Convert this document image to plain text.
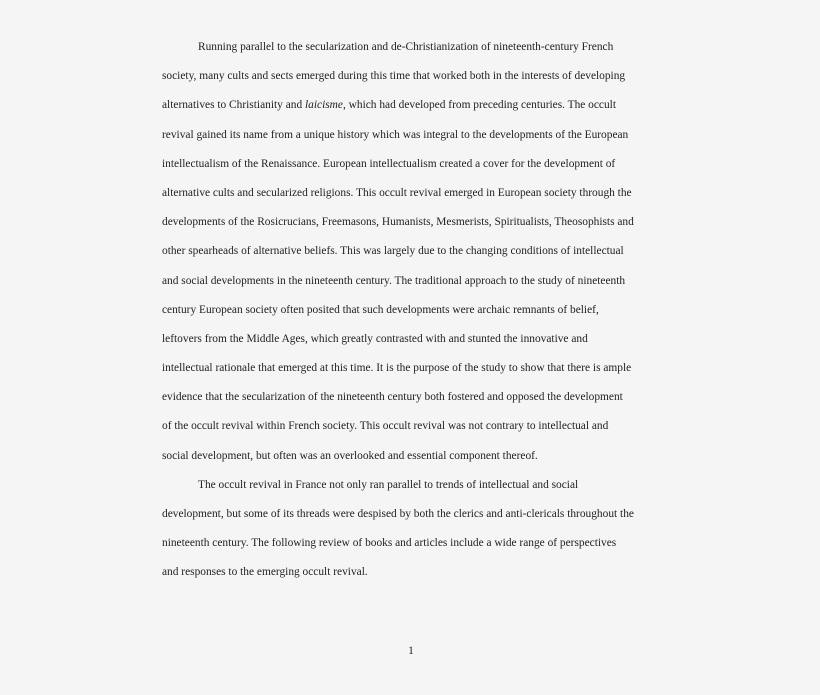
Running parallel to the secularization and de-Christianization of nineteenth-century French
society, many cults and sects emerged during this time that worked both in the interests of developing
alternatives to Christianity and laicisme, which had developed from preceding centuries. The occult
revival gained its name from a unique history which was integral to the developments of the European
intellectualism of the Renaissance. European intellectualism created a cover for the development of
alternative cults and secularized religions. This occult revival emerged in European society through the
developments of the Rosicrucians, Freemasons, Humanists, Mesmerists, Spiritualists, Theosophists and
other spearheads of alternative beliefs. This was largely due to the changing conditions of intellectual
and social developments in the nineteenth century. The traditional approach to the study of nineteenth
century European society often posited that such developments were archaic remnants of belief,
leftovers from the Middle Ages, which greatly contrasted with and stunted the innovative and
intellectual rationale that emerged at this time. It is the purpose of the study to show that there is ample
evidence that the secularization of the nineteenth century both fostered and opposed the development
of the occult revival within French society. This occult revival was not contrary to intellectual and
social development, but often was an overlooked and essential component thereof.
The occult revival in France not only ran parallel to trends of intellectual and social
development, but some of its threads were despised by both the clerics and anti-clericals throughout the
nineteenth century. The following review of books and articles include a wide range of perspectives
and responses to the emerging occult revival.
1
